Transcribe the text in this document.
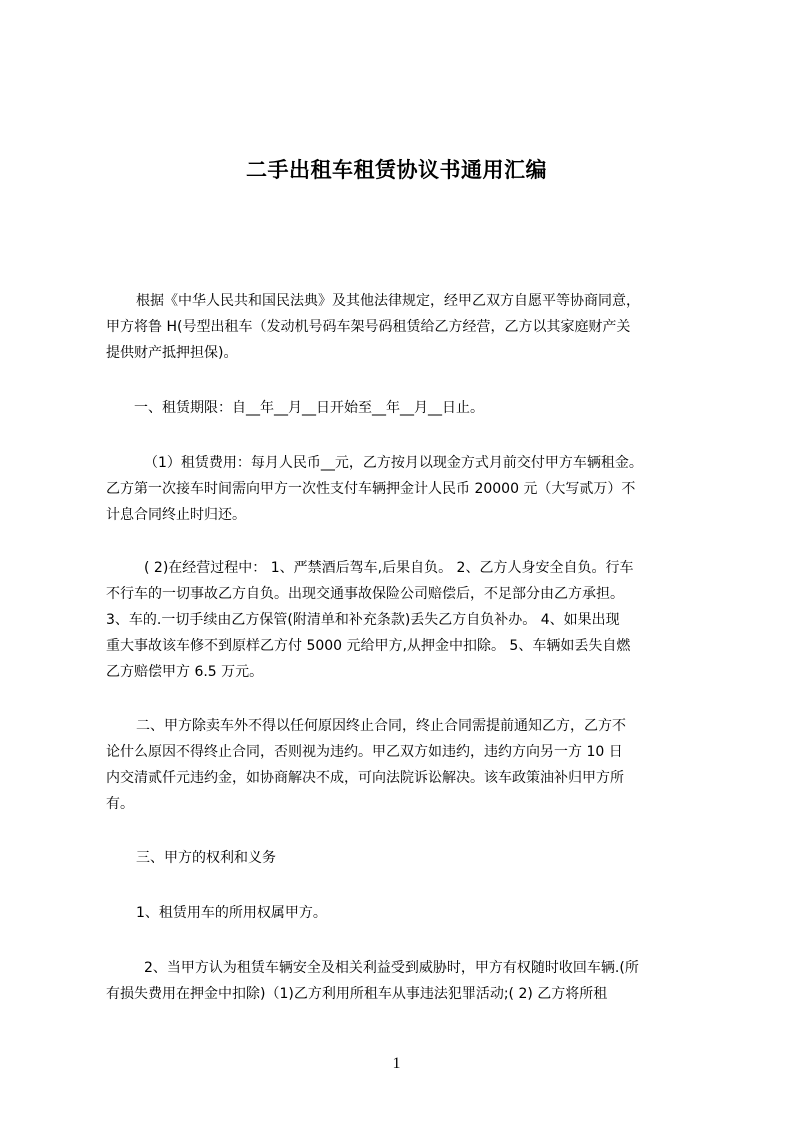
二手出租车租赁协议书通用汇编

根据《中华人民共和国民法典》及其他法律规定，经甲乙双方自愿平等协商同意，
甲方将鲁 H(号型出租车（发动机号码车架号码租赁给乙方经营，乙方以其家庭财产关
提供财产抵押担保)。

一、租赁期限：自__年__月__日开始至__年__月__日止。

（1）租赁费用：每月人民币__元，乙方按月以现金方式月前交付甲方车辆租金。
乙方第一次接车时间需向甲方一次性支付车辆押金计人民币 20000 元（大写贰万）不
计息合同终止时归还。

( 2)在经营过程中： 1、严禁酒后驾车,后果自负。 2、乙方人身安全自负。行车
不行车的一切事故乙方自负。出现交通事故保险公司赔偿后，不足部分由乙方承担。
3、车的.一切手续由乙方保管(附清单和补充条款)丢失乙方自负补办。 4、如果出现
重大事故该车修不到原样乙方付 5000 元给甲方,从押金中扣除。 5、车辆如丢失自燃
乙方赔偿甲方 6.5 万元。

二、甲方除卖车外不得以任何原因终止合同，终止合同需提前通知乙方，乙方不
论什么原因不得终止合同，否则视为违约。甲乙双方如违约，违约方向另一方 10 日
内交清贰仟元违约金，如协商解决不成，可向法院诉讼解决。该车政策油补归甲方所
有。

三、甲方的权利和义务

1、租赁用车的所用权属甲方。

2、当甲方认为租赁车辆安全及相关利益受到威胁时，甲方有权随时收回车辆.(所
有损失费用在押金中扣除)（1)乙方利用所租车从事违法犯罪活动;( 2) 乙方将所租

1
